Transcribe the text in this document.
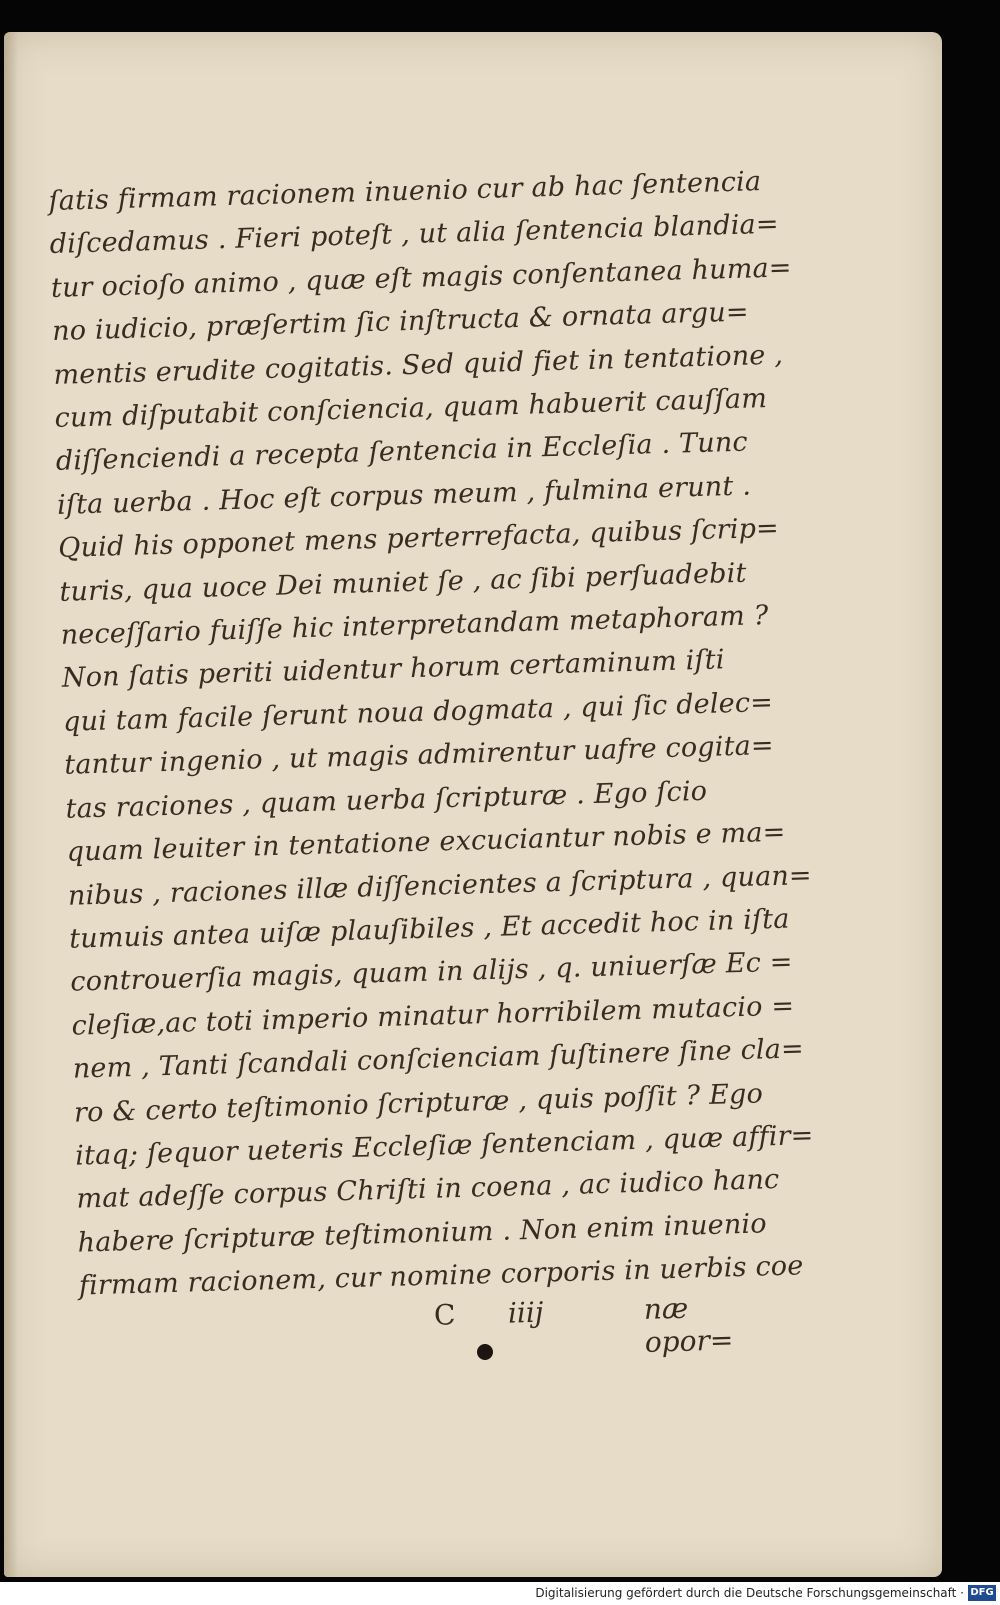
ſatis firmam racionem inuenio cur ab hac ſentencia
diſcedamus . Fieri poteſt , ut alia ſentencia blandia=
tur ocioſo animo , quæ eſt magis conſentanea huma=
no iudicio, præſertim ſic inſtructa & ornata argu=
mentis erudite cogitatis. Sed quid fiet in tentatione ,
cum diſputabit conſciencia, quam habuerit cauſſam
diſſenciendi a recepta ſentencia in Eccleſia . Tunc
iſta uerba . Hoc eſt corpus meum , fulmina erunt .
Quid his opponet mens perterrefacta, quibus ſcrip=
turis, qua uoce Dei muniet ſe , ac ſibi perſuadebit
neceſſario fuiſſe hic interpretandam metaphoram ?
Non ſatis periti uidentur horum certaminum iſti
qui tam facile ſerunt noua dogmata , qui ſic delec=
tantur ingenio , ut magis admirentur uafre cogita=
tas raciones , quam uerba ſcripturæ . Ego ſcio
quam leuiter in tentatione excuciantur nobis e ma=
nibus , raciones illæ diſſencientes a ſcriptura , quan=
tumuis antea uiſæ plauſibiles , Et accedit hoc in iſta
controuerſia magis, quam in alijs , q. uniuerſæ Ec =
cleſiæ,ac toti imperio minatur horribilem mutacio =
nem , Tanti ſcandali conſcienciam ſuſtinere ſine cla=
ro & certo teſtimonio ſcripturæ , quis poſſit ? Ego
itaq; ſequor ueteris Eccleſiæ ſentenciam , quæ affir=
mat adeſſe corpus Chriſti in coena , ac iudico hanc
habere ſcripturæ teſtimonium . Non enim inuenio
firmam racionem, cur nomine corporis in uerbis coe
C iiij	næ opor=
Digitalisierung gefördert durch die Deutsche Forschungsgemeinschaft · DFG
